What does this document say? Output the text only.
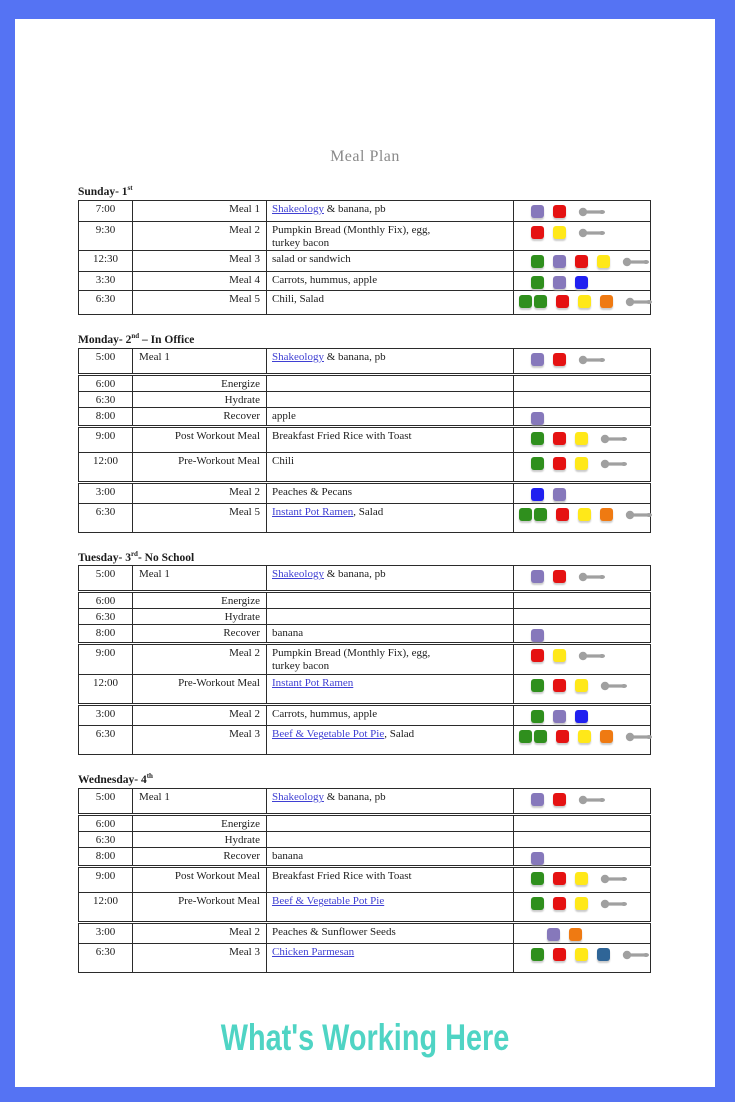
Meal Plan
Sunday- 1st
7:00	Meal 1	Shakeology & banana, pb
9:30	Meal 2	Pumpkin Bread (Monthly Fix), egg, turkey bacon
12:30	Meal 3	salad or sandwich
3:30	Meal 4	Carrots, hummus, apple
6:30	Meal 5	Chili, Salad
Monday- 2nd – In Office
5:00	Meal 1	Shakeology & banana, pb
6:00	Energize
6:30	Hydrate
8:00	Recover	apple
9:00	Post Workout Meal	Breakfast Fried Rice with Toast
12:00	Pre-Workout Meal	Chili
3:00	Meal 2	Peaches & Pecans
6:30	Meal 5	Instant Pot Ramen, Salad
Tuesday- 3rd- No School
5:00	Meal 1	Shakeology & banana, pb
6:00	Energize
6:30	Hydrate
8:00	Recover	banana
9:00	Meal 2	Pumpkin Bread (Monthly Fix), egg, turkey bacon
12:00	Pre-Workout Meal	Instant Pot Ramen
3:00	Meal 2	Carrots, hummus, apple
6:30	Meal 3	Beef & Vegetable Pot Pie, Salad
Wednesday- 4th
5:00	Meal 1	Shakeology & banana, pb
6:00	Energize
6:30	Hydrate
8:00	Recover	banana
9:00	Post Workout Meal	Breakfast Fried Rice with Toast
12:00	Pre-Workout Meal	Beef & Vegetable Pot Pie
3:00	Meal 2	Peaches & Sunflower Seeds
6:30	Meal 3	Chicken Parmesan
What's Working Here
